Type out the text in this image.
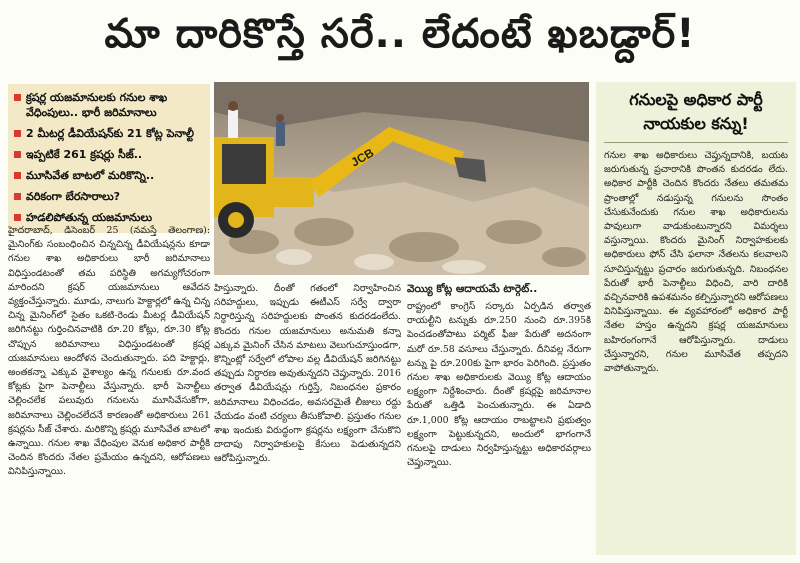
మా దారికొస్తే సరే.. లేదంటే ఖబడ్దార్!
క్రషర్ల యజమానులకు గనుల శాఖ వేధింపులు.. భారీ జరిమానాలు
2 మీటర్ల డీవియేషన్‌కు 21 కోట్ల పెనాల్టీ
ఇప్పటికే 261 క్రషర్లు సీజ్..
మూసివేత బాటలో మరికొన్ని..
వరికంగా బేరసారాలు?
హడలిపోతున్న యజమానులు
JCB
హైదరాబాద్, డిసెంబర్ 25 (నమస్తే తెలంగాణ): మైనింగ్‌కు సంబంధించిన చిన్నచిన్న డీవియేషన్లను కూడా గనుల శాఖ అధికారులు భారీ జరిమానాలు విధిస్తుండటంతో తమ పరిస్థితి అగమ్యగోచరంగా మారిందని క్రషర్ యజమానులు ఆవేదన వ్యక్తంచేస్తున్నారు. మూడు, నాలుగు హెక్టార్లలో ఉన్న చిన్న చిన్న మైనింగ్‌లో సైతం ఒకటి-రెండు మీటర్ల డీవియేషన్ జరిగినట్టు గుర్తించినవాటికి రూ.20 కోట్లు, రూ.30 కోట్ల చొప్పున జరిమానాలు విధిస్తుండటంతో క్రషర్ల యజమానులు ఆందోళన చెందుతున్నారు. పది హెక్టార్లు, అంతకన్నా ఎక్కువ వైశాల్యం ఉన్న గనులకు రూ.వంద కోట్లకు పైగా పెనాల్టీలు వేస్తున్నారు. భారీ పెనాల్టీలు చెల్లించలేక పలువురు గనులను మూసివేసుకోగా, జరిమానాలు చెల్లించలేదనే కారణంతో అధికారులు 261 క్రషర్లను సీజ్ చేశారు. మరికొన్ని క్రషర్లు మూసివేత బాటలో ఉన్నాయి. గనుల శాఖ వేధింపుల వెనుక అధికార పార్టీకి చెందిన కొందరు నేతల ప్రమేయం ఉన్నదని, ఆరోపణలు వినిపిస్తున్నాయి.
హిస్తున్నారు. దీంతో గతంలో నిర్వాహించిన సరిహద్దులు, ఇప్పుడు ఈటీఎస్ సర్వే ద్వారా నిర్ధారిస్తున్న సరిహద్దులకు పొంతన కుదరడంలేదు. కొందరు గనుల యజమానులు అనుమతి కన్నా ఎక్కువ మైనింగ్ చేసిన మాటలు వెలుగుచూస్తుండగా, కొన్నింట్లో సర్వేలో లోపాల వల్ల డీవియేషన్ జరిగినట్టు తప్పుడు నిర్ధారణ అవుతున్నదని చెప్తున్నారు. 2016 తర్వాత డీవియేషన్లు గుర్తిస్తే, నిబంధనల ప్రకారం జరిమానాలు విధించడం, అవసరమైతే లీజులు రద్దు చేయడం వంటి చర్యలు తీసుకోవాలి. ప్రస్తుతం గనుల శాఖ ఇందుకు విరుద్ధంగా క్రషర్లను లక్ష్యంగా చేసుకొని దాదాపు నిర్వాహకులపై కేసులు పెడుతున్నదని ఆరోపిస్తున్నారు.
వెయ్యి కోట్ల ఆదాయమే టార్గెట్..
రాష్ట్రంలో కాంగ్రెస్ సర్కారు ఏర్పడిన తర్వాత రాయల్టీని టన్నుకు రూ.250 నుంచి రూ.395కి పెంచడంతోపాటు పర్మిట్ ఫీజు పేరుతో అదనంగా మరో రూ.58 వసూలు చేస్తున్నారు. దీనివల్ల నేరుగా టన్ను పై రూ.200కు పైగా భారం పెరిగింది. ప్రస్తుతం గనుల శాఖ అధికారులకు వెయ్యి కోట్ల ఆదాయం లక్ష్యంగా నిర్దేశించారు. దీంతో క్రషర్లపై జరిమానాల పేరుతో ఒత్తిడి పెంచుతున్నారు. ఈ ఏడాది రూ.1,000 కోట్ల ఆదాయం రాబట్టాలని ప్రభుత్వం లక్ష్యంగా పెట్టుకున్నదని, అందులో భాగంగానే గనులపై దాడులు నిర్వహిస్తున్నట్టు అధికారవర్గాలు చెప్తున్నాయి.
గనులపై అధికార పార్టీ నాయకుల కన్ను!
గనుల శాఖ అధికారులు చెప్తున్నదానికి, బయట జరుగుతున్న ప్రచారానికి పొంతన కుదరడం లేదు. అధికార పార్టీకి చెందిన కొందరు నేతలు తమతమ ప్రాంతాల్లో నడుస్తున్న గనులను సొంతం చేసుకునేందుకు గనుల శాఖ అధికారులను పావులుగా వాడుకుంటున్నారని విమర్శలు వస్తున్నాయి. కొందరు మైనింగ్ నిర్వాహకులకు అధికారులు ఫోన్ చేసి ఫలానా నేతలను కలవాలని సూచిస్తున్నట్టు ప్రచారం జరుగుతున్నది. నిబంధనల పేరుతో భారీ పెనాల్టీలు విధించి, వారి దారికి వచ్చినవారికి ఉపశమనం కల్పిస్తున్నారని ఆరోపణలు వినిపిస్తున్నాయి. ఈ వ్యవహారంలో అధికార పార్టీ నేతల హస్తం ఉన్నదని క్రషర్ల యజమానులు బహిరంగంగానే ఆరోపిస్తున్నారు. దాడులు చేస్తున్నారని, గనుల మూసివేత తప్పదని వాపోతున్నారు.
